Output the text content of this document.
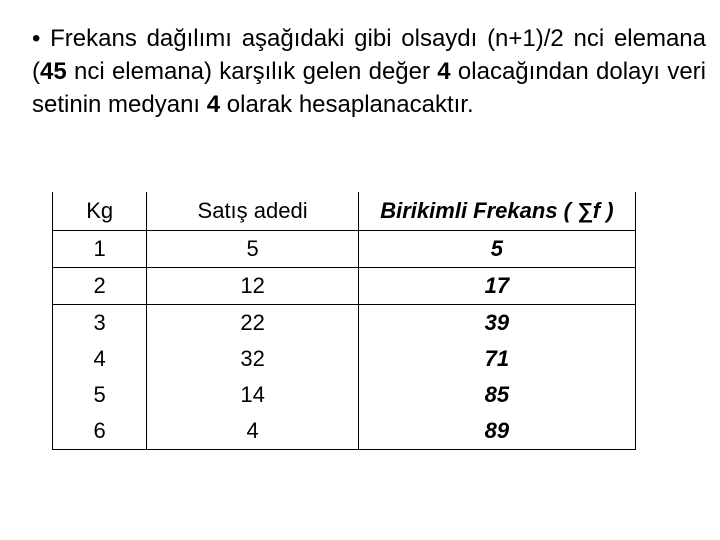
• Frekans dağılımı aşağıdaki gibi olsaydı (n+1)/2 nci elemana (45 nci elemana) karşılık gelen değer 4 olacağından dolayı veri setinin medyanı 4 olarak hesaplanacaktır.

Kg	Satış adedi	Birikimli Frekans ( ∑f )
1	5	5
2	12	17
3	22	39
4	32	71
5	14	85
6	4	89
